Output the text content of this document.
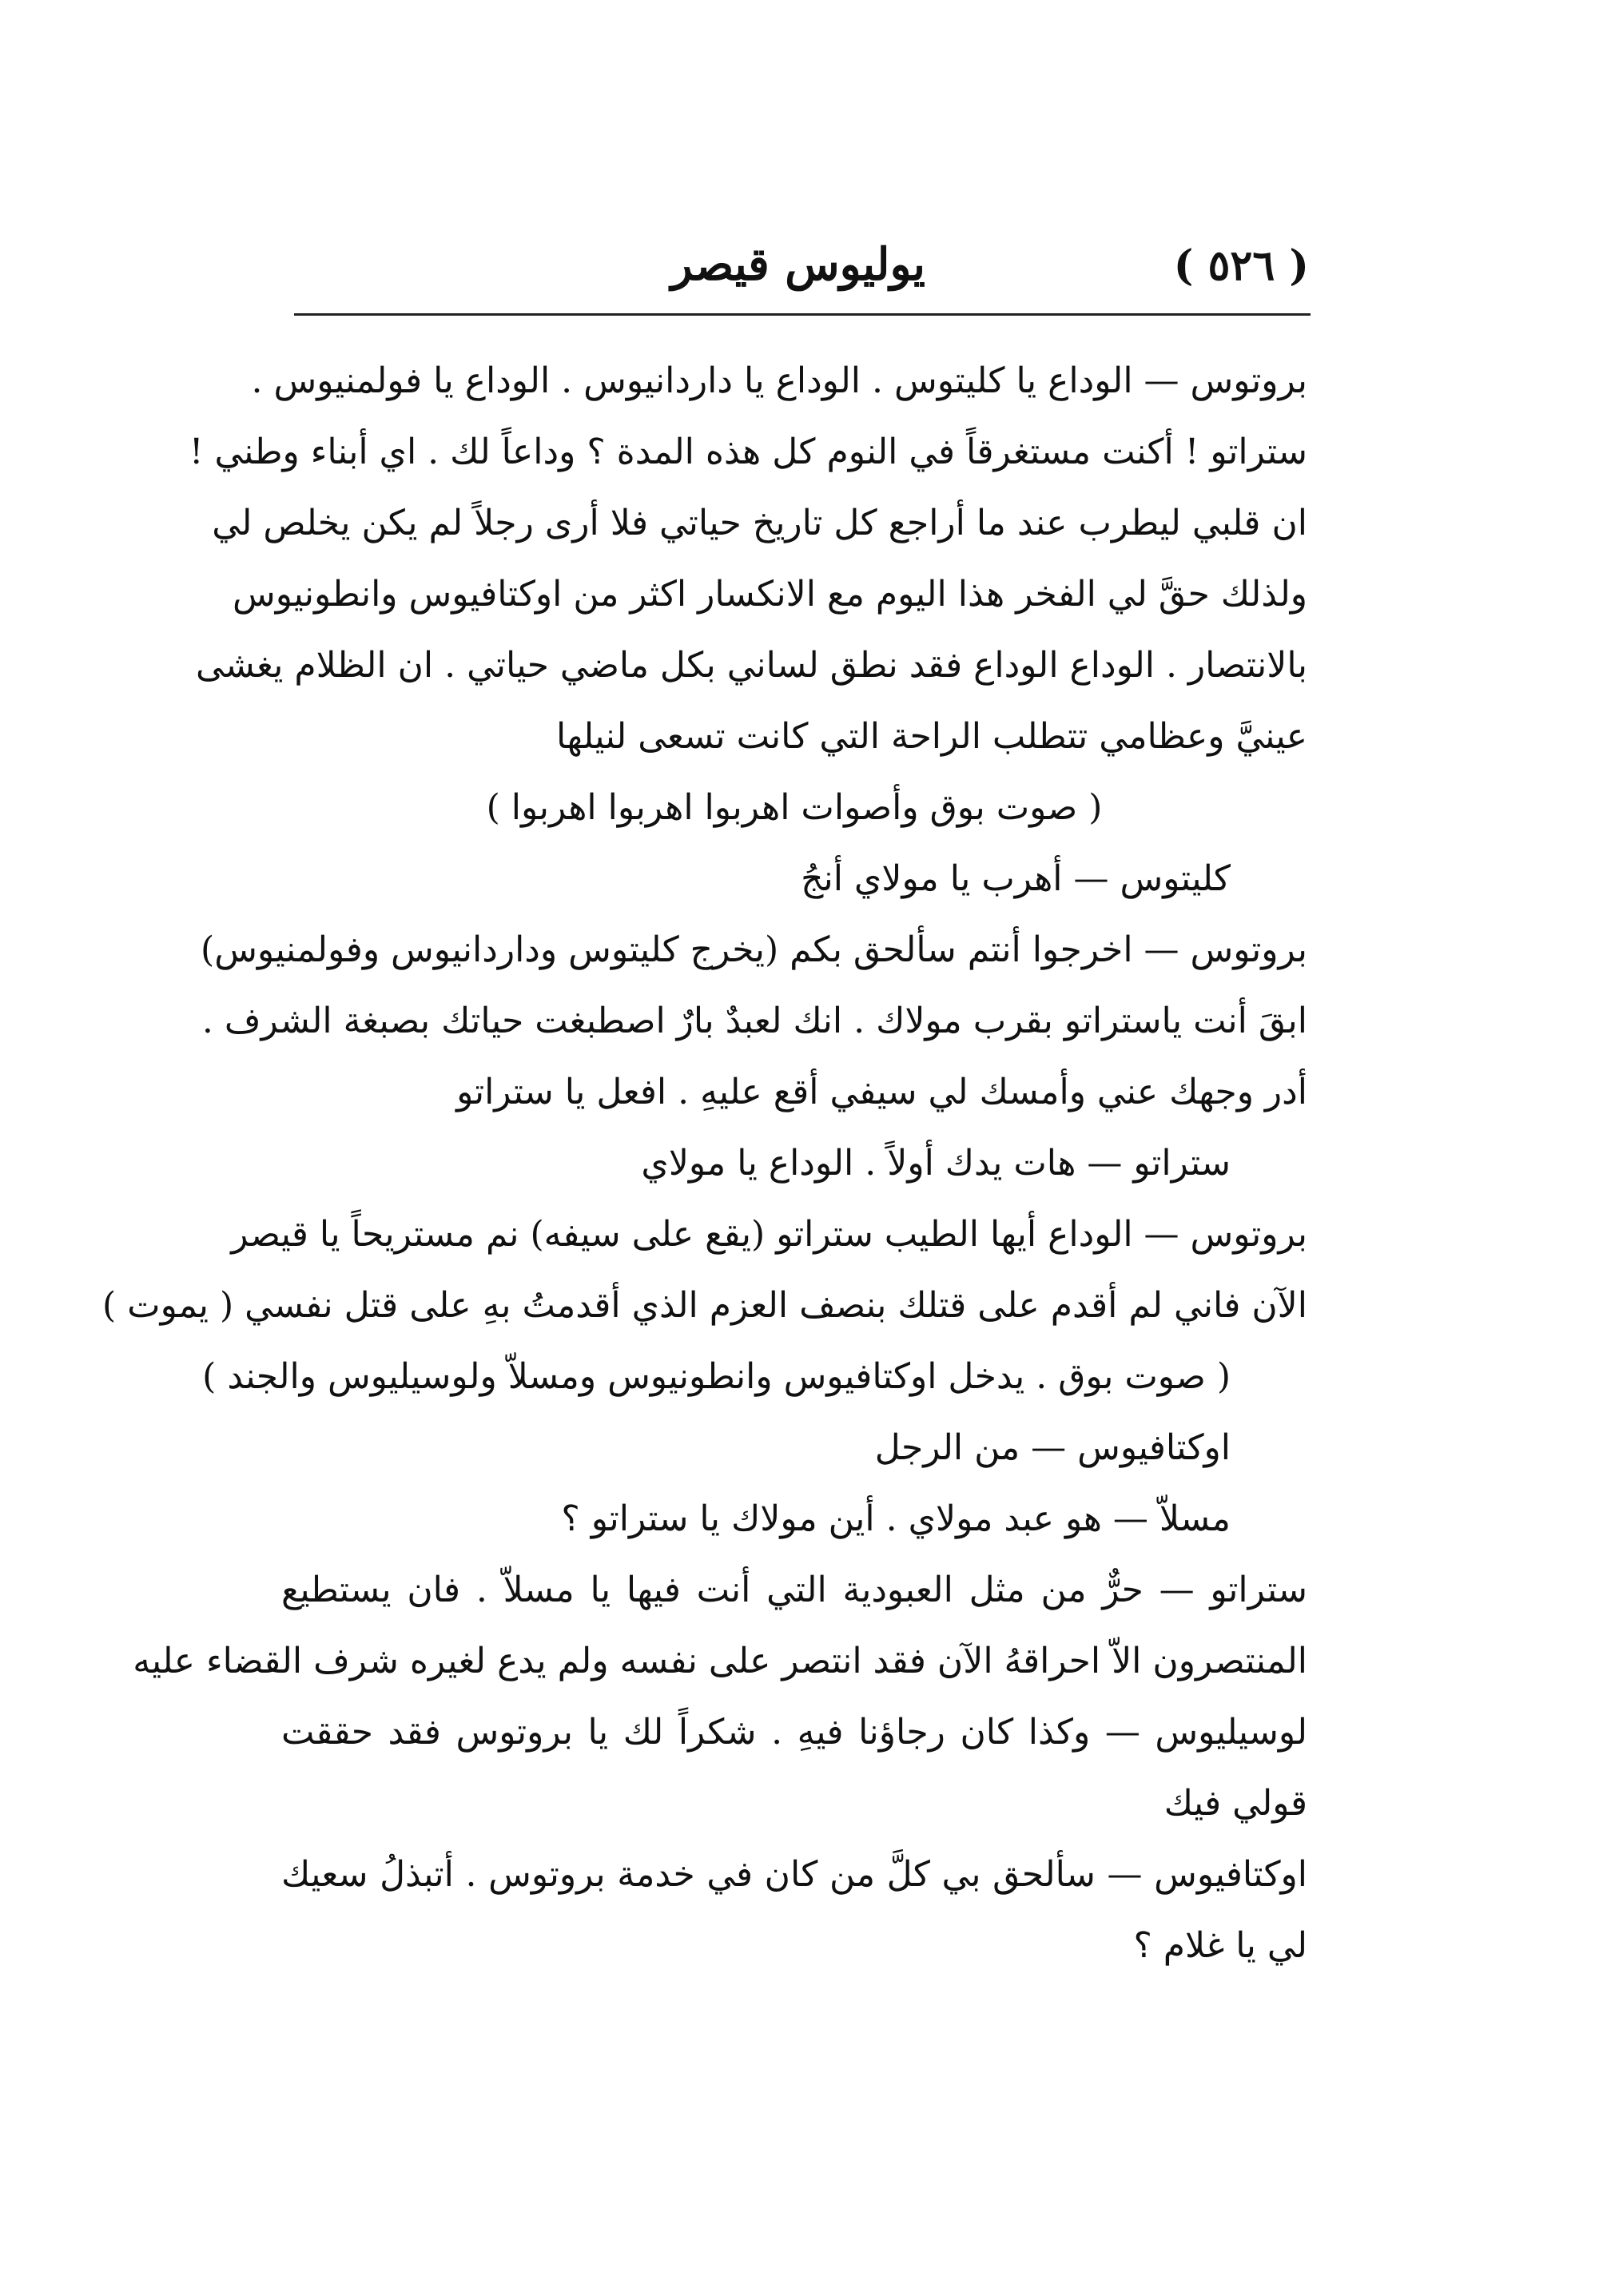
( ٥٢٦ )
يوليوس قيصر
بروتوس — الوداع يا كليتوس . الوداع يا داردانيوس . الوداع يا فولمنيوس .
ستراتو ! أكنت مستغرقاً في النوم كل هذه المدة ؟ وداعاً لك . اي أبناء وطني !
ان قلبي ليطرب عند ما أراجع كل تاريخ حياتي فلا أرى رجلاً لم يكن يخلص لي
ولذلك حقَّ لي الفخر هذا اليوم مع الانكسار اكثر من اوكتافيوس وانطونيوس
بالانتصار . الوداع الوداع فقد نطق لساني بكل ماضي حياتي . ان الظلام يغشى
عينيَّ وعظامي تتطلب الراحة التي كانت تسعى لنيلها
( صوت بوق وأصوات اهربوا اهربوا اهربوا )
كليتوس — أهرب يا مولاي أنجُ
بروتوس — اخرجوا أنتم سألحق بكم (يخرج كليتوس وداردانيوس وفولمنيوس)
ابقَ أنت ياستراتو بقرب مولاك . انك لعبدٌ بارٌ اصطبغت حياتك بصبغة الشرف .
أدر وجهك عني وأمسك لي سيفي أقع عليهِ . افعل يا ستراتو
ستراتو — هات يدك أولاً . الوداع يا مولاي
بروتوس — الوداع أيها الطيب ستراتو (يقع على سيفه) نم مستريحاً يا قيصر
الآن فاني لم أقدم على قتلك بنصف العزم الذي أقدمتُ بهِ على قتل نفسي ( يموت )
( صوت بوق . يدخل اوكتافيوس وانطونيوس ومسلاّ ولوسيليوس والجند )
اوكتافيوس — من الرجل
مسلاّ — هو عبد مولاي . أين مولاك يا ستراتو ؟
ستراتو — حرٌّ من مثل العبودية التي أنت فيها يا مسلاّ . فان يستطيع
المنتصرون الاّ احراقهُ الآن فقد انتصر على نفسه ولم يدع لغيره شرف القضاء عليه
لوسيليوس — وكذا كان رجاؤنا فيهِ . شكراً لك يا بروتوس فقد حققت
قولي فيك
اوكتافيوس — سألحق بي كلَّ من كان في خدمة بروتوس . أتبذلُ سعيك
لي يا غلام ؟
